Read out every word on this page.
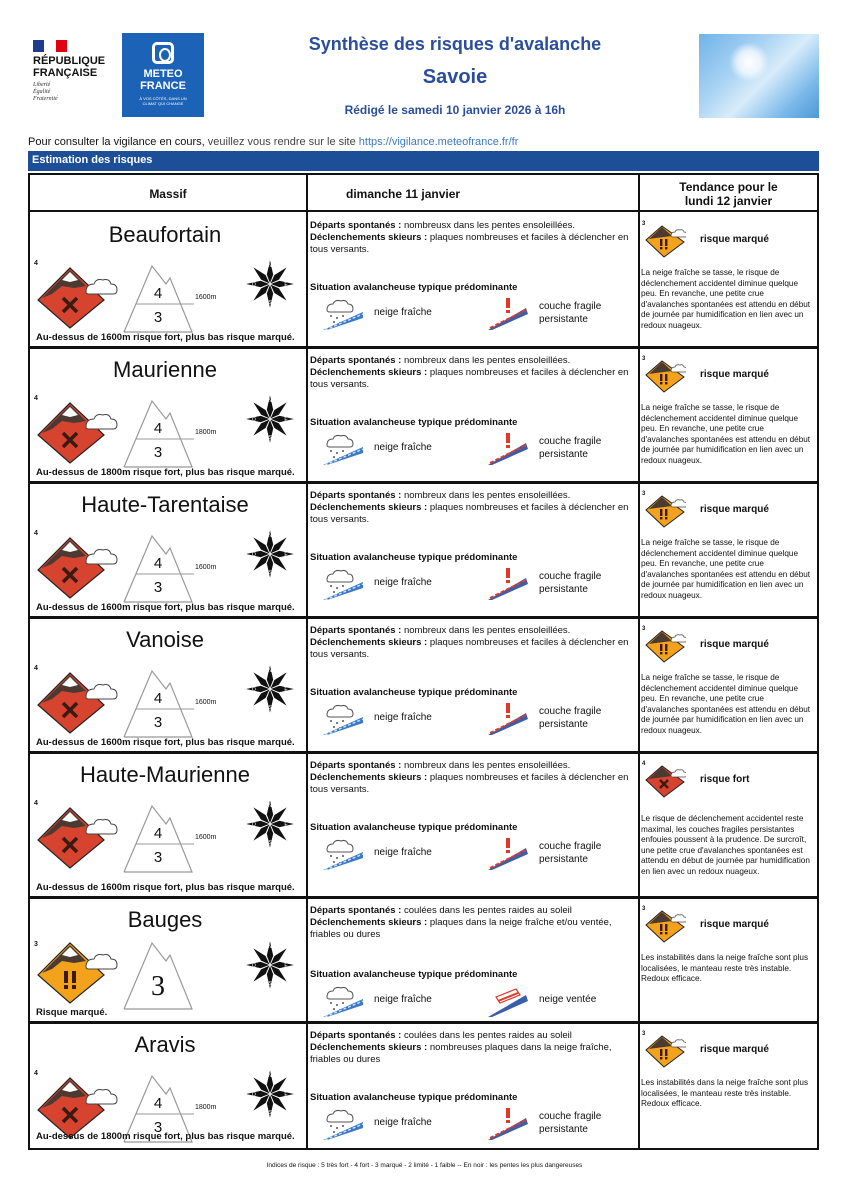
RÉPUBLIQUE
FRANÇAISE
Liberté
Égalité
Fraternité
METEO
FRANCE
À VOS CÔTÉS, DANS UN CLIMAT QUI CHANGE
Synthèse des risques d'avalanche
Savoie
Rédigé le samedi 10 janvier 2026 à 16h
Pour consulter la vigilance en cours, veuillez vous rendre sur le site https://vigilance.meteofrance.fr/fr
Estimation des risques
Massif	dimanche 11 janvier	Tendance pour le
lundi 12 janvier
Beaufortain
4
4
3
1600m
N
E
S
O
Au-dessus de 1600m risque fort, plus bas risque marqué.
Départs spontanés : nombreusx dans les pentes ensoleillées.
Déclenchements skieurs : plaques nombreuses et faciles à déclencher en tous versants.
Situation avalancheuse typique prédominante
neige fraîche
couche fragile persistante
3
risque marqué
La neige fraîche se tasse, le risque de déclenchement accidentel diminue quelque peu. En revanche, une petite crue d'avalanches spontanées est attendu en début de journée par humidification en lien avec un redoux nuageux.
Maurienne
4
4
3
1800m
N
E
S
O
Au-dessus de 1800m risque fort, plus bas risque marqué.
Départs spontanés : nombreux dans les pentes ensoleillées.
Déclenchements skieurs : plaques nombreuses et faciles à déclencher en tous versants.
Situation avalancheuse typique prédominante
neige fraîche
couche fragile persistante
3
risque marqué
La neige fraîche se tasse, le risque de déclenchement accidentel diminue quelque peu. En revanche, une petite crue d'avalanches spontanées est attendu en début de journée par humidification en lien avec un redoux nuageux.
Haute-Tarentaise
4
4
3
1600m
N
E
S
O
Au-dessus de 1600m risque fort, plus bas risque marqué.
Départs spontanés : nombreux dans les pentes ensoleillées.
Déclenchements skieurs : plaques nombreuses et faciles à déclencher en tous versants.
Situation avalancheuse typique prédominante
neige fraîche
couche fragile persistante
3
risque marqué
La neige fraîche se tasse, le risque de déclenchement accidentel diminue quelque peu. En revanche, une petite crue d'avalanches spontanées est attendu en début de journée par humidification en lien avec un redoux nuageux.
Vanoise
4
4
3
1600m
N
E
S
O
Au-dessus de 1600m risque fort, plus bas risque marqué.
Départs spontanés : nombreux dans les pentes ensoleillées.
Déclenchements skieurs : plaques nombreuses et faciles à déclencher en tous versants.
Situation avalancheuse typique prédominante
neige fraîche
couche fragile persistante
3
risque marqué
La neige fraîche se tasse, le risque de déclenchement accidentel diminue quelque peu. En revanche, une petite crue d'avalanches spontanées est attendu en début de journée par humidification en lien avec un redoux nuageux.
Haute-Maurienne
4
4
3
1600m
N
E
S
O
Au-dessus de 1600m risque fort, plus bas risque marqué.
Départs spontanés : nombreux dans les pentes ensoleillées.
Déclenchements skieurs : plaques nombreuses et faciles à déclencher en tous versants.
Situation avalancheuse typique prédominante
neige fraîche
couche fragile persistante
4
risque fort
Le risque de déclenchement accidentel reste maximal, les couches fragiles persistantes enfouies poussent à la prudence. De surcroît, une petite crue d'avalanches spontanées est attendu en début de journée par humidification en lien avec un redoux nuageux.
Bauges
3
3
N
E
S
O
Risque marqué.
Départs spontanés : coulées dans les pentes raides au soleil
Déclenchements skieurs : plaques dans la neige fraîche et/ou ventée, friables ou dures
Situation avalancheuse typique prédominante
neige fraîche	neige ventée
3
risque marqué
Les instabilités dans la neige fraîche sont plus localisées, le manteau reste très instable. Redoux efficace.
Aravis
4
4
3
1800m
N
E
S
O
Au-dessus de 1800m risque fort, plus bas risque marqué.
Départs spontanés : coulées dans les pentes raides au soleil
Déclenchements skieurs : nombreuses plaques dans la neige fraîche, friables ou dures
Situation avalancheuse typique prédominante
neige fraîche
couche fragile persistante
3
risque marqué
Les instabilités dans la neige fraîche sont plus localisées, le manteau reste très instable. Redoux efficace.
Indices de risque : 5 très fort - 4 fort - 3 marqué - 2 limité - 1 faible -- En noir : les pentes les plus dangereuses
